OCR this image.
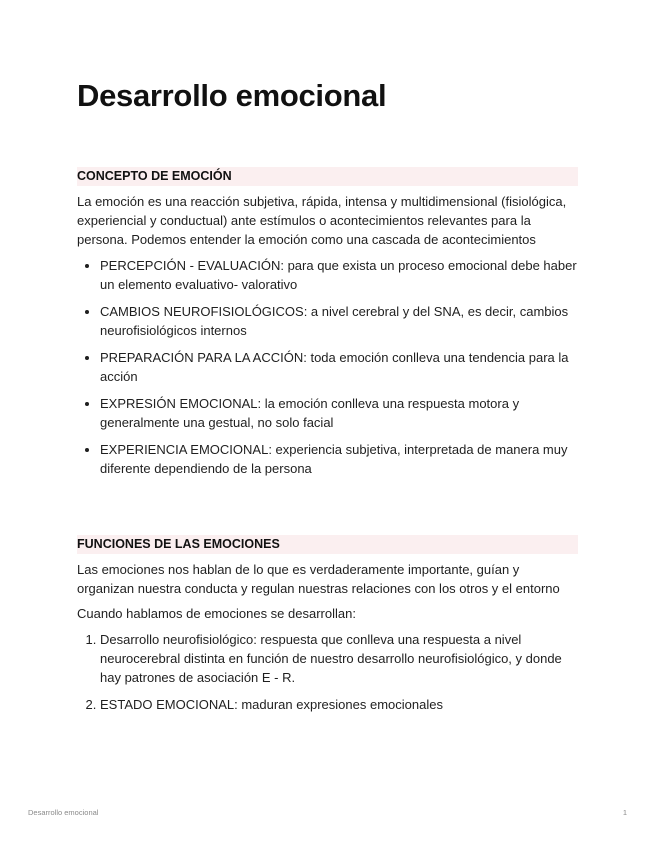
Desarrollo emocional
CONCEPTO DE EMOCIÓN

La emoción es una reacción subjetiva, rápida, intensa y multidimensional (fisiológica, experiencial y conductual) ante estímulos o acontecimientos relevantes para la persona. Podemos entender la emoción como una cascada de acontecimientos

• PERCEPCIÓN - EVALUACIÓN: para que exista un proceso emocional debe haber un elemento evaluativo- valorativo
• CAMBIOS NEUROFISIOLÓGICOS: a nivel cerebral y del SNA, es decir, cambios neurofisiológicos internos
• PREPARACIÓN PARA LA ACCIÓN: toda emoción conlleva una tendencia para la acción
• EXPRESIÓN EMOCIONAL: la emoción conlleva una respuesta motora y generalmente una gestual, no solo facial
• EXPERIENCIA EMOCIONAL: experiencia subjetiva, interpretada de manera muy diferente dependiendo de la persona
FUNCIONES DE LAS EMOCIONES

Las emociones nos hablan de lo que es verdaderamente importante, guían y organizan nuestra conducta y regulan nuestras relaciones con los otros y el entorno

Cuando hablamos de emociones se desarrollan:

1. Desarrollo neurofisiológico: respuesta que conlleva una respuesta a nivel neurocerebral distinta en función de nuestro desarrollo neurofisiológico, y donde hay patrones de asociación E - R.
2. ESTADO EMOCIONAL: maduran expresiones emocionales
Desarrollo emocional	1
